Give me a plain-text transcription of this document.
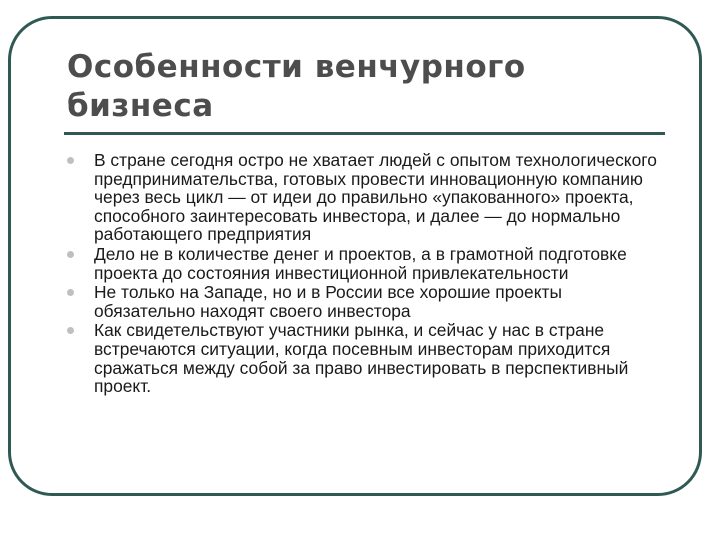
Особенности венчурного бизнеса
В стране сегодня остро не хватает людей с опытом технологического предпринимательства, готовых провести инновационную компанию через весь цикл — от идеи до правильно «упакованного» проекта, способного заинтересовать инвестора, и далее — до нормально работающего предприятия
Дело не в количестве денег и проектов, а в грамотной подготовке проекта до состояния инвестиционной привлекательности
Не только на Западе, но и в России все хорошие проекты обязательно находят своего инвестора
Как свидетельствуют участники рынка, и сейчас у нас в стране встречаются ситуации, когда посевным инвесторам приходится сражаться между собой за право инвестировать в перспективный проект.
